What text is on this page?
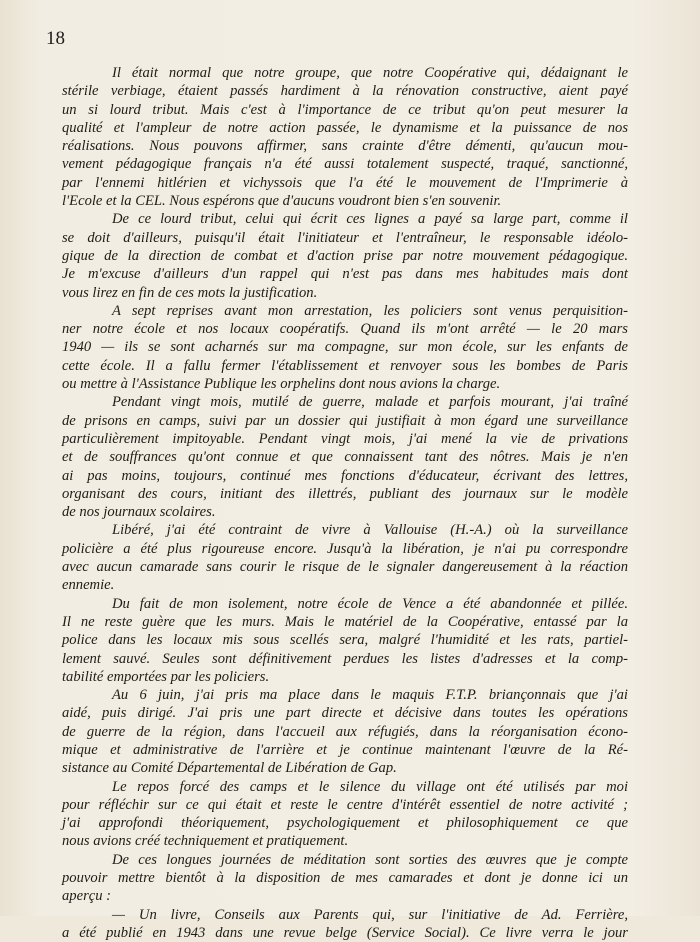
18
Il était normal que notre groupe, que notre Coopérative qui, dédaignant le
stérile verbiage, étaient passés hardiment à la rénovation constructive, aient payé
un si lourd tribut. Mais c'est à l'importance de ce tribut qu'on peut mesurer la
qualité et l'ampleur de notre action passée, le dynamisme et la puissance de nos
réalisations. Nous pouvons affirmer, sans crainte d'être démenti, qu'aucun mou-
vement pédagogique français n'a été aussi totalement suspecté, traqué, sanctionné,
par l'ennemi hitlérien et vichyssois que l'a été le mouvement de l'Imprimerie à
l'Ecole et la CEL. Nous espérons que d'aucuns voudront bien s'en souvenir.
De ce lourd tribut, celui qui écrit ces lignes a payé sa large part, comme il
se doit d'ailleurs, puisqu'il était l'initiateur et l'entraîneur, le responsable idéolo-
gique de la direction de combat et d'action prise par notre mouvement pédagogique.
Je m'excuse d'ailleurs d'un rappel qui n'est pas dans mes habitudes mais dont
vous lirez en fin de ces mots la justification.
A sept reprises avant mon arrestation, les policiers sont venus perquisition-
ner notre école et nos locaux coopératifs. Quand ils m'ont arrêté — le 20 mars
1940 — ils se sont acharnés sur ma compagne, sur mon école, sur les enfants de
cette école. Il a fallu fermer l'établissement et renvoyer sous les bombes de Paris
ou mettre à l'Assistance Publique les orphelins dont nous avions la charge.
Pendant vingt mois, mutilé de guerre, malade et parfois mourant, j'ai traîné
de prisons en camps, suivi par un dossier qui justifiait à mon égard une surveillance
particulièrement impitoyable. Pendant vingt mois, j'ai mené la vie de privations
et de souffrances qu'ont connue et que connaissent tant des nôtres. Mais je n'en
ai pas moins, toujours, continué mes fonctions d'éducateur, écrivant des lettres,
organisant des cours, initiant des illettrés, publiant des journaux sur le modèle
de nos journaux scolaires.
Libéré, j'ai été contraint de vivre à Vallouise (H.-A.) où la surveillance
policière a été plus rigoureuse encore. Jusqu'à la libération, je n'ai pu correspondre
avec aucun camarade sans courir le risque de le signaler dangereusement à la réaction
ennemie.
Du fait de mon isolement, notre école de Vence a été abandonnée et pillée.
Il ne reste guère que les murs. Mais le matériel de la Coopérative, entassé par la
police dans les locaux mis sous scellés sera, malgré l'humidité et les rats, partiel-
lement sauvé. Seules sont définitivement perdues les listes d'adresses et la comp-
tabilité emportées par les policiers.
Au 6 juin, j'ai pris ma place dans le maquis F.T.P. briançonnais que j'ai
aidé, puis dirigé. J'ai pris une part directe et décisive dans toutes les opérations
de guerre de la région, dans l'accueil aux réfugiés, dans la réorganisation écono-
mique et administrative de l'arrière et je continue maintenant l'œuvre de la Ré-
sistance au Comité Départemental de Libération de Gap.
Le repos forcé des camps et le silence du village ont été utilisés par moi
pour réfléchir sur ce qui était et reste le centre d'intérêt essentiel de notre activité ;
j'ai approfondi théoriquement, psychologiquement et philosophiquement ce que
nous avions créé techniquement et pratiquement.
De ces longues journées de méditation sont sorties des œuvres que je compte
pouvoir mettre bientôt à la disposition de mes camarades et dont je donne ici un
aperçu :
— Un livre, Conseils aux Parents qui, sur l'initiative de Ad. Ferrière,
a été publié en 1943 dans une revue belge (Service Social). Ce livre verra le jour
